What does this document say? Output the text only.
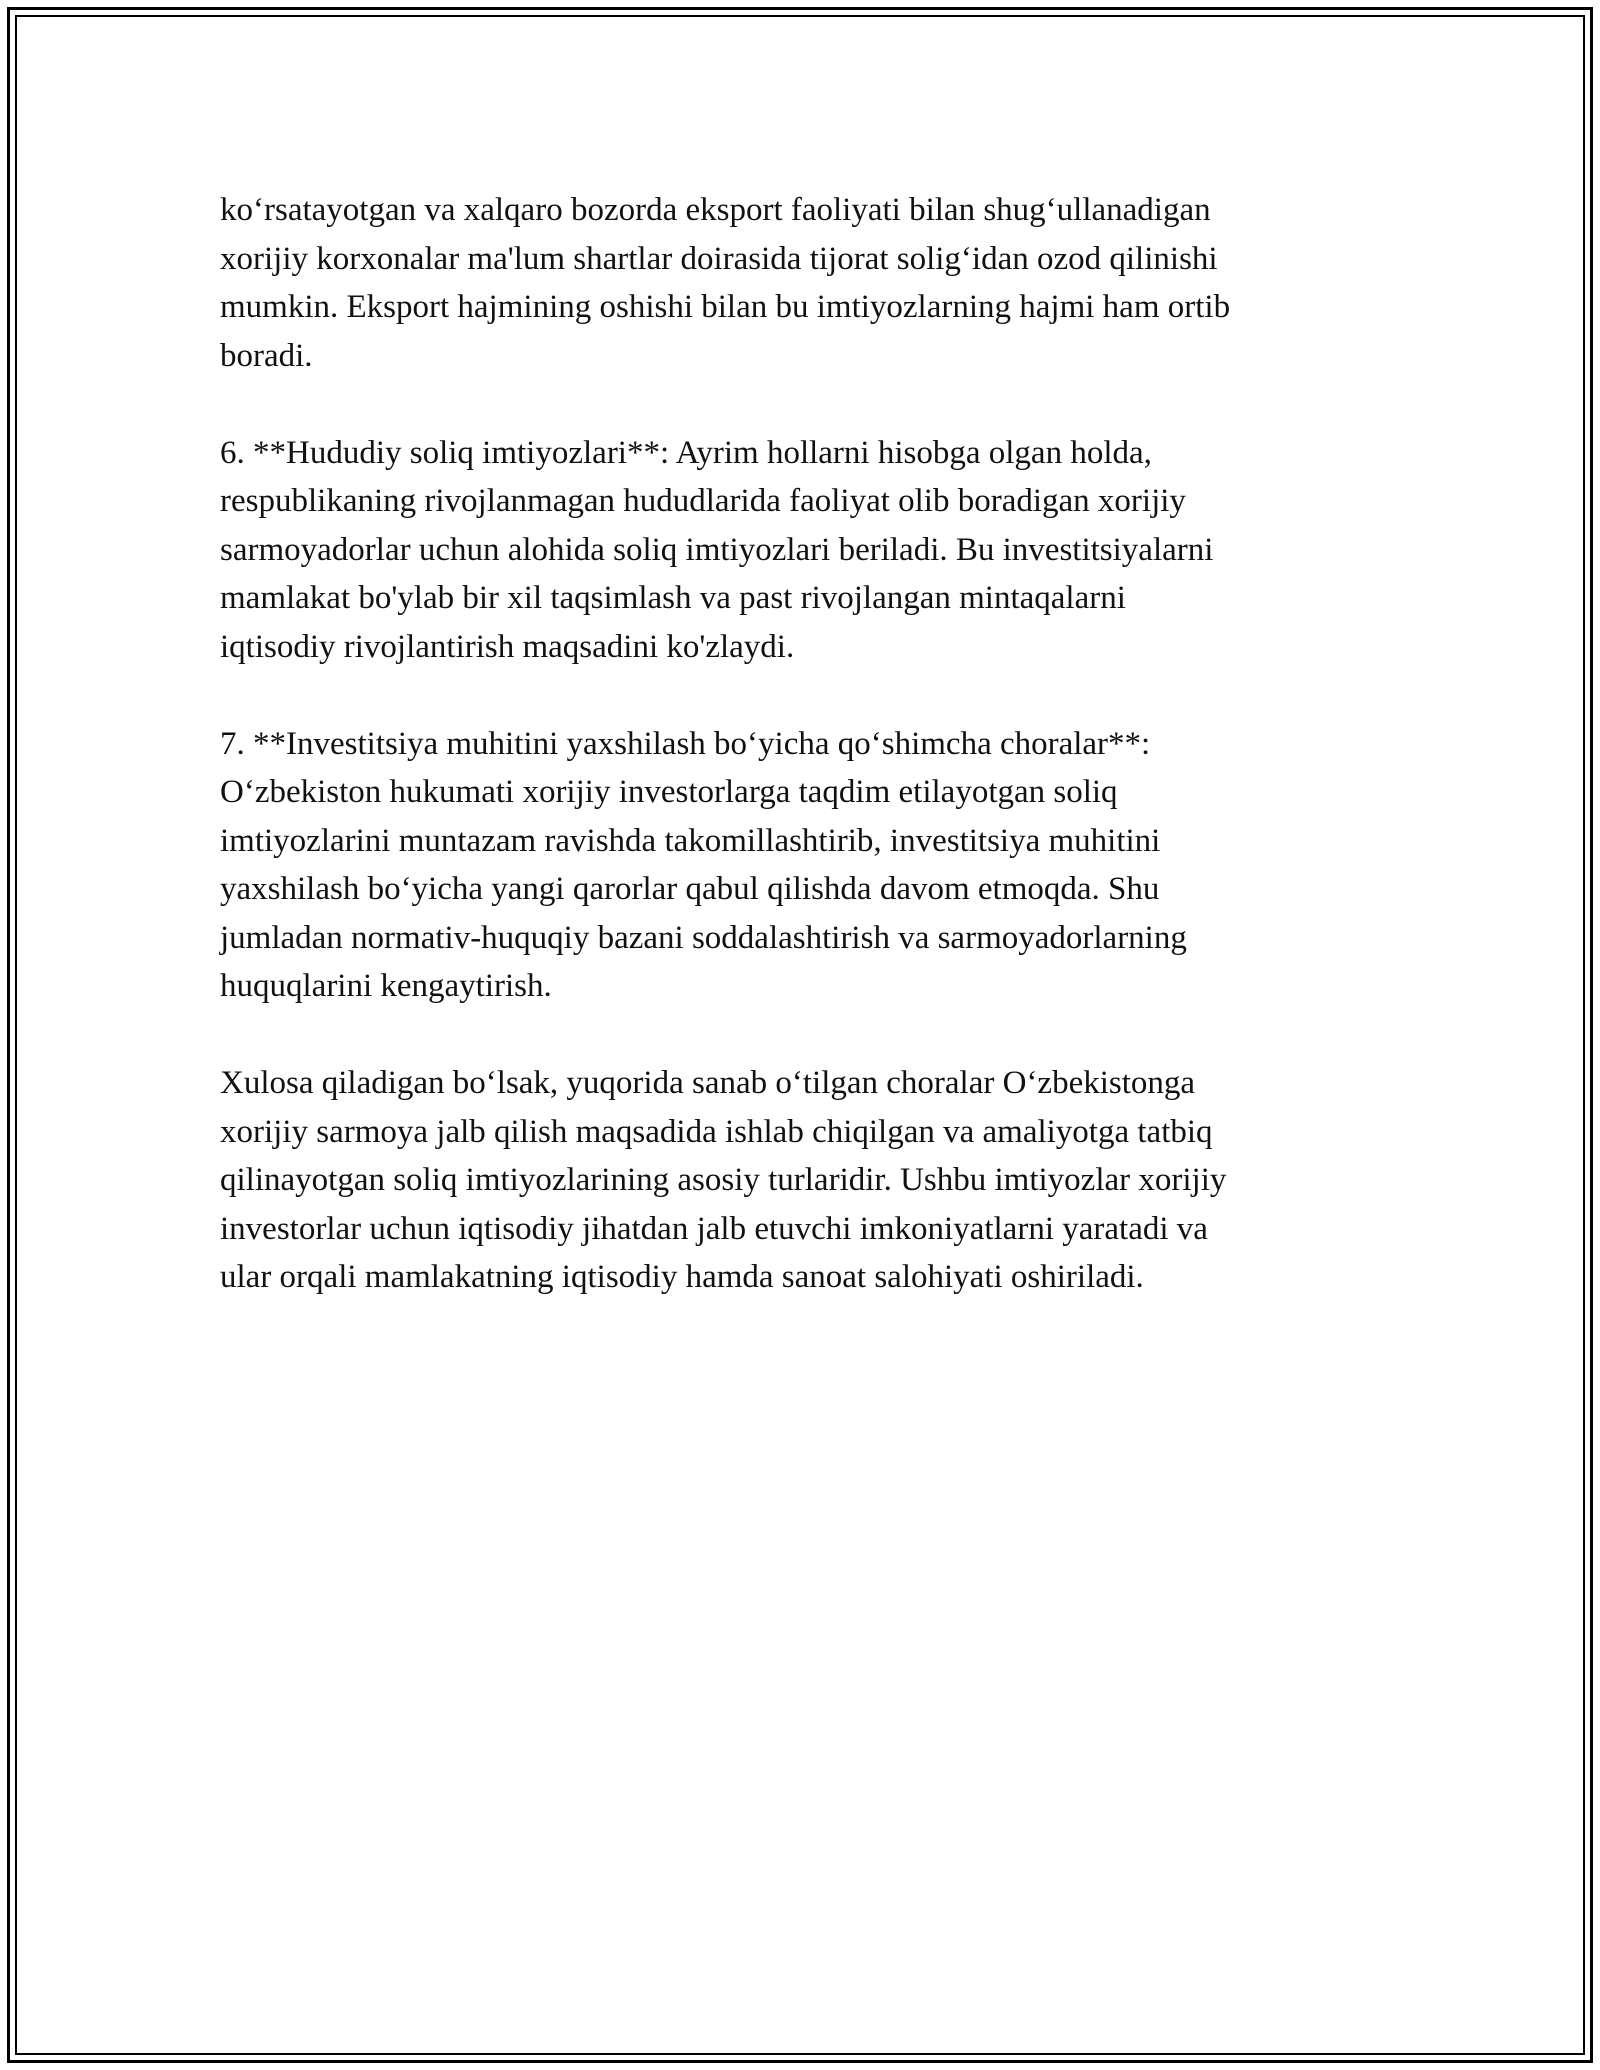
ko‘rsatayotgan va xalqaro bozorda eksport faoliyati bilan shug‘ullanadigan
xorijiy korxonalar ma'lum shartlar doirasida tijorat solig‘idan ozod qilinishi
mumkin. Eksport hajmining oshishi bilan bu imtiyozlarning hajmi ham ortib
boradi.

6. **Hududiy soliq imtiyozlari**: Ayrim hollarni hisobga olgan holda,
respublikaning rivojlanmagan hududlarida faoliyat olib boradigan xorijiy
sarmoyadorlar uchun alohida soliq imtiyozlari beriladi. Bu investitsiyalarni
mamlakat bo'ylab bir xil taqsimlash va past rivojlangan mintaqalarni
iqtisodiy rivojlantirish maqsadini ko'zlaydi.

7. **Investitsiya muhitini yaxshilash bo‘yicha qo‘shimcha choralar**:
O‘zbekiston hukumati xorijiy investorlarga taqdim etilayotgan soliq
imtiyozlarini muntazam ravishda takomillashtirib, investitsiya muhitini
yaxshilash bo‘yicha yangi qarorlar qabul qilishda davom etmoqda. Shu
jumladan normativ-huquqiy bazani soddalashtirish va sarmoyadorlarning
huquqlarini kengaytirish.

Xulosa qiladigan bo‘lsak, yuqorida sanab o‘tilgan choralar O‘zbekistonga
xorijiy sarmoya jalb qilish maqsadida ishlab chiqilgan va amaliyotga tatbiq
qilinayotgan soliq imtiyozlarining asosiy turlaridir. Ushbu imtiyozlar xorijiy
investorlar uchun iqtisodiy jihatdan jalb etuvchi imkoniyatlarni yaratadi va
ular orqali mamlakatning iqtisodiy hamda sanoat salohiyati oshiriladi.
